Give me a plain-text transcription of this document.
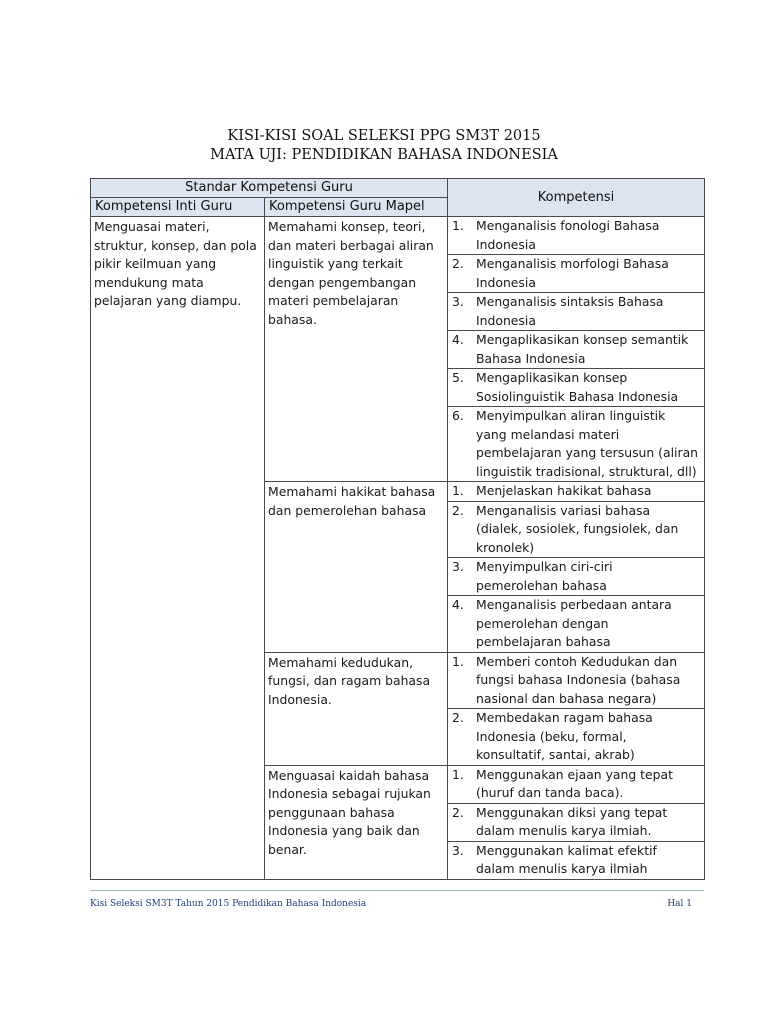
KISI-KISI SOAL SELEKSI PPG SM3T 2015
MATA UJI: PENDIDIKAN BAHASA INDONESIA
Standar Kompetensi Guru	Kompetensi
Kompetensi Inti Guru	Kompetensi Guru Mapel
Menguasai materi, struktur, konsep, dan pola pikir keilmuan yang mendukung mata pelajaran yang diampu.	Memahami konsep, teori, dan materi berbagai aliran linguistik yang terkait dengan pengembangan materi pembelajaran bahasa.	
1.	Menganalisis fonologi Bahasa Indonesia
2.	Menganalisis morfologi Bahasa Indonesia
3.	Menganalisis sintaksis Bahasa Indonesia
4.	Mengaplikasikan konsep semantik Bahasa Indonesia
5.	Mengaplikasikan konsep Sosiolinguistik Bahasa Indonesia
6.	Menyimpulkan aliran linguistik yang melandasi materi pembelajaran yang tersusun (aliran linguistik tradisional, struktural, dll)

Memahami hakikat bahasa dan pemerolehan bahasa	
1.	Menjelaskan hakikat bahasa
2.	Menganalisis variasi bahasa (dialek, sosiolek, fungsiolek, dan kronolek)
3.	Menyimpulkan ciri-ciri pemerolehan bahasa
4.	Menganalisis perbedaan antara pemerolehan dengan pembelajaran bahasa

Memahami kedudukan, fungsi, dan ragam bahasa Indonesia.	
1.	Memberi contoh Kedudukan dan fungsi bahasa Indonesia (bahasa nasional dan bahasa negara)
2.	Membedakan ragam bahasa Indonesia (beku, formal, konsultatif, santai, akrab)

Menguasai kaidah bahasa Indonesia sebagai rujukan penggunaan bahasa Indonesia yang baik dan benar.	
1.	Menggunakan ejaan yang tepat (huruf dan tanda baca).
2.	Menggunakan diksi yang tepat dalam menulis karya ilmiah.
3.	Menggunakan kalimat efektif dalam menulis karya ilmiah
Kisi Seleksi SM3T Tahun 2015 Pendidikan Bahasa Indonesia	Hal 1
